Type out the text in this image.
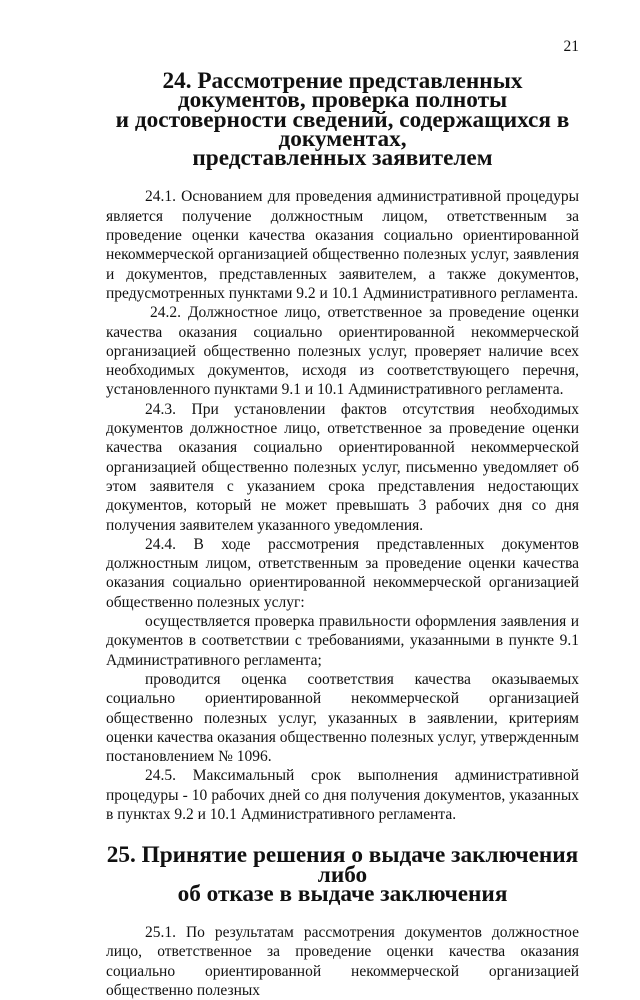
21
24. Рассмотрение представленных документов, проверка полноты
и достоверности сведений, содержащихся в документах,
представленных заявителем

24.1. Основанием для проведения административной процедуры является получение должностным лицом, ответственным за проведение оценки качества оказания социально ориентированной некоммерческой организацией общественно полезных услуг, заявления и документов, представленных заявителем, а также документов, предусмотренных пунктами 9.2 и 10.1 Административного регламента.

24.2. Должностное лицо, ответственное за проведение оценки качества оказания социально ориентированной некоммерческой организацией общественно полезных услуг, проверяет наличие всех необходимых документов, исходя из соответствующего перечня, установленного пунктами 9.1 и 10.1 Административного регламента.

24.3. При установлении фактов отсутствия необходимых документов должностное лицо, ответственное за проведение оценки качества оказания социально ориентированной некоммерческой организацией общественно полезных услуг, письменно уведомляет об этом заявителя с указанием срока представления недостающих документов, который не может превышать 3 рабочих дня со дня получения заявителем указанного уведомления.

24.4. В ходе рассмотрения представленных документов должностным лицом, ответственным за проведение оценки качества оказания социально ориентированной некоммерческой организацией общественно полезных услуг:

осуществляется проверка правильности оформления заявления и документов в соответствии с требованиями, указанными в пункте 9.1 Административного регламента;

проводится оценка соответствия качества оказываемых социально ориентированной некоммерческой организацией общественно полезных услуг, указанных в заявлении, критериям оценки качества оказания общественно полезных услуг, утвержденным постановлением № 1096.

24.5. Максимальный срок выполнения административной процедуры - 10 рабочих дней со дня получения документов, указанных в пунктах 9.2 и 10.1 Административного регламента.

25. Принятие решения о выдаче заключения либо
об отказе в выдаче заключения

25.1. По результатам рассмотрения документов должностное лицо, ответственное за проведение оценки качества оказания социально ориентированной некоммерческой организацией общественно полезных
